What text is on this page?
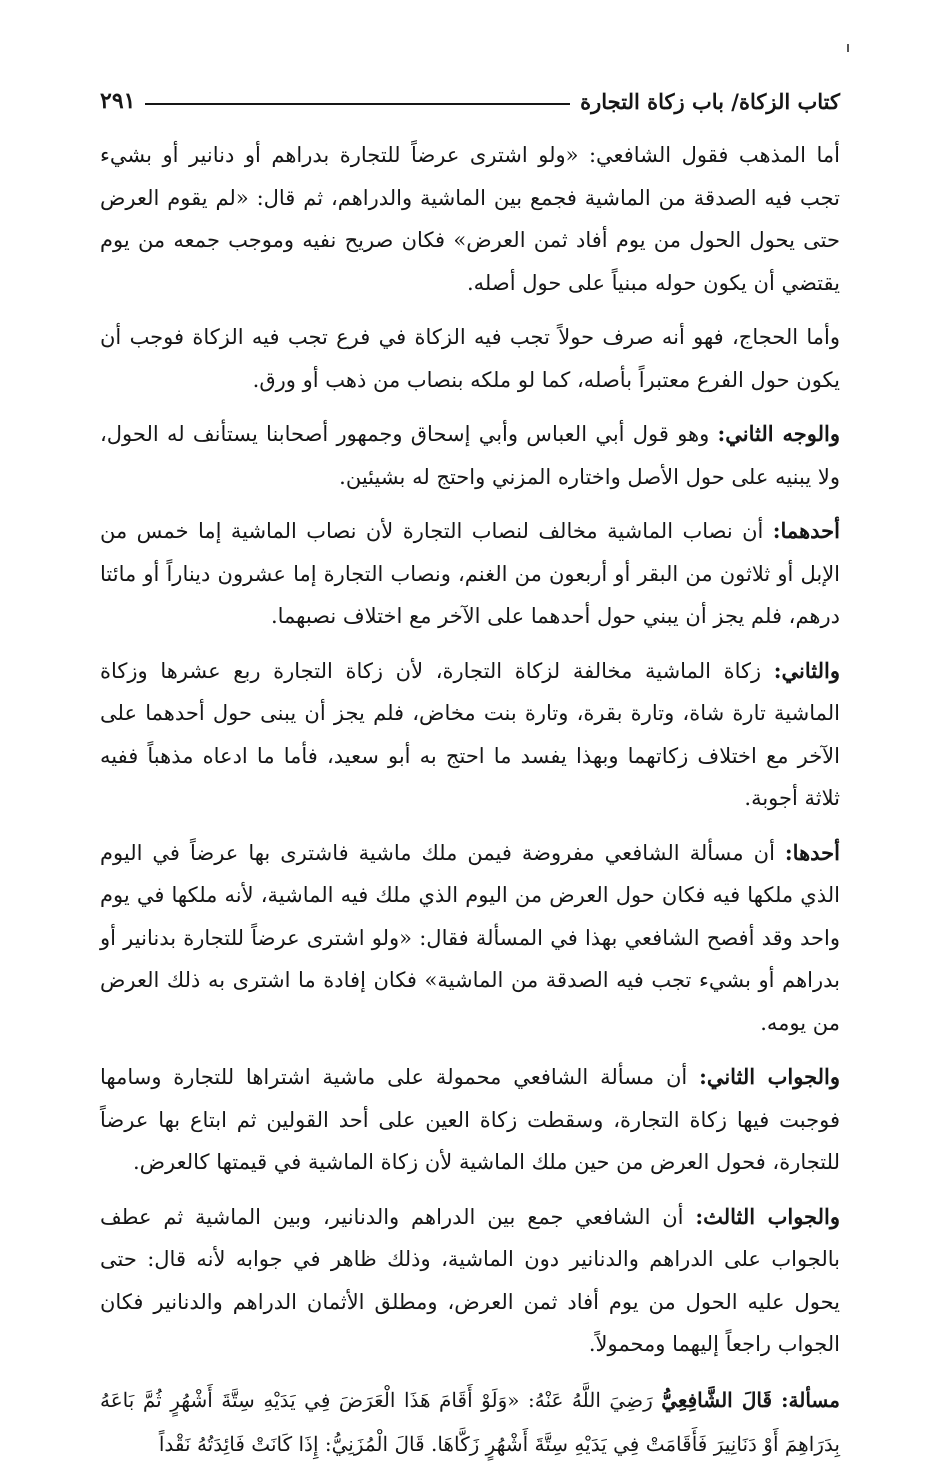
كتاب الزكاة/ باب زكاة التجارة
٢٩١

أما المذهب فقول الشافعي: «ولو اشترى عرضاً للتجارة بدراهم أو دنانير أو بشيء تجب فيه الصدقة من الماشية فجمع بين الماشية والدراهم، ثم قال: «لم يقوم العرض حتى يحول الحول من يوم أفاد ثمن العرض» فكان صريح نفيه وموجب جمعه من يوم يقتضي أن يكون حوله مبنياً على حول أصله.

وأما الحجاج، فهو أنه صرف حولاً تجب فيه الزكاة في فرع تجب فيه الزكاة فوجب أن يكون حول الفرع معتبراً بأصله، كما لو ملكه بنصاب من ذهب أو ورق.

والوجه الثاني: وهو قول أبي العباس وأبي إسحاق وجمهور أصحابنا يستأنف له الحول، ولا يبنيه على حول الأصل واختاره المزني واحتج له بشيئين.

أحدهما: أن نصاب الماشية مخالف لنصاب التجارة لأن نصاب الماشية إما خمس من الإبل أو ثلاثون من البقر أو أربعون من الغنم، ونصاب التجارة إما عشرون ديناراً أو مائتا درهم، فلم يجز أن يبني حول أحدهما على الآخر مع اختلاف نصبهما.

والثاني: زكاة الماشية مخالفة لزكاة التجارة، لأن زكاة التجارة ربع عشرها وزكاة الماشية تارة شاة، وتارة بقرة، وتارة بنت مخاض، فلم يجز أن يبنى حول أحدهما على الآخر مع اختلاف زكاتهما وبهذا يفسد ما احتج به أبو سعيد، فأما ما ادعاه مذهباً ففيه ثلاثة أجوبة.

أحدها: أن مسألة الشافعي مفروضة فيمن ملك ماشية فاشترى بها عرضاً في اليوم الذي ملكها فيه فكان حول العرض من اليوم الذي ملك فيه الماشية، لأنه ملكها في يوم واحد وقد أفصح الشافعي بهذا في المسألة فقال: «ولو اشترى عرضاً للتجارة بدنانير أو بدراهم أو بشيء تجب فيه الصدقة من الماشية» فكان إفادة ما اشترى به ذلك العرض من يومه.

والجواب الثاني: أن مسألة الشافعي محمولة على ماشية اشتراها للتجارة وسامها فوجبت فيها زكاة التجارة، وسقطت زكاة العين على أحد القولين ثم ابتاع بها عرضاً للتجارة، فحول العرض من حين ملك الماشية لأن زكاة الماشية في قيمتها كالعرض.

والجواب الثالث: أن الشافعي جمع بين الدراهم والدنانير، وبين الماشية ثم عطف بالجواب على الدراهم والدنانير دون الماشية، وذلك ظاهر في جوابه لأنه قال: حتى يحول عليه الحول من يوم أفاد ثمن العرض، ومطلق الأثمان الدراهم والدنانير فكان الجواب راجعاً إليهما ومحمولاً.

مسألة: قَالَ الشَّافِعِيُّ رَضِيَ اللَّهُ عَنْهُ: «وَلَوْ أَقَامَ هَذَا الْعَرَضَ فِي يَدَيْهِ سِتَّةَ أَشْهُرٍ ثُمَّ بَاعَهُ بِدَرَاهِمَ أَوْ دَنَانِيرَ فَأَقَامَتْ فِي يَدَيْهِ سِتَّةَ أَشْهُرٍ زَكَّاهَا. قَالَ الْمُزَنِيُّ: إِذَا كَانَتْ فَائِدَتُهُ نَقْداً
